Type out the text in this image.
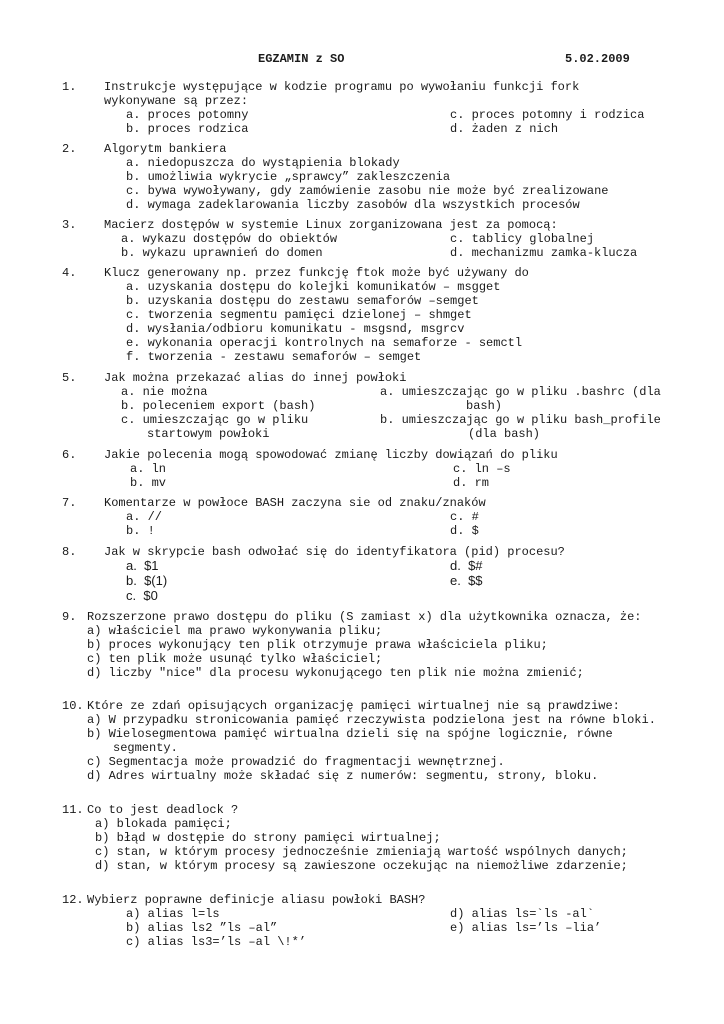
EGZAMIN z SO	5.02.2009
1. Instrukcje występujące w kodzie programu po wywołaniu funkcji fork
wykonywane są przez:
a. proces potomny
b. proces rodzica
c. proces potomny i rodzica
d. żaden z nich
2. Algorytm bankiera
a. niedopuszcza do wystąpienia blokady
b. umożliwia wykrycie „sprawcy” zakleszczenia
c. bywa wywoływany, gdy zamówienie zasobu nie może być zrealizowane
d. wymaga zadeklarowania liczby zasobów dla wszystkich procesów
3. Macierz dostępów w systemie Linux zorganizowana jest za pomocą:
a. wykazu dostępów do obiektów
b. wykazu uprawnień do domen
c. tablicy globalnej
d. mechanizmu zamka-klucza
4. Klucz generowany np. przez funkcję ftok może być używany do
a. uzyskania dostępu do kolejki komunikatów – msgget
b. uzyskania dostępu do zestawu semaforów –semget
c. tworzenia segmentu pamięci dzielonej – shmget
d. wysłania/odbioru komunikatu - msgsnd, msgrcv
e. wykonania operacji kontrolnych na semaforze - semctl
f. tworzenia - zestawu semaforów – semget
5. Jak można przekazać alias do innej powłoki
a. nie można
b. poleceniem export (bash)
c. umieszczając go w pliku
startowym powłoki
a. umieszczając go w pliku .bashrc (dla
bash)
b. umieszczając go w pliku bash_profile
(dla bash)
6. Jakie polecenia mogą spowodować zmianę liczby dowiązań do pliku
a. ln
b. mv
c. ln –s
d. rm
7. Komentarze w powłoce BASH zaczyna sie od znaku/znaków
a. //
b. !
c. #
d. $
8. Jak w skrypcie bash odwołać się do identyfikatora (pid) procesu?
a.  $1
b.  $(1)
c.  $0
d.  $#
e.  $$
9. Rozszerzone prawo dostępu do pliku (S zamiast x) dla użytkownika oznacza, że:
a) właściciel ma prawo wykonywania pliku;
b) proces wykonujący ten plik otrzymuje prawa właściciela pliku;
c) ten plik może usunąć tylko właściciel;
d) liczby "nice" dla procesu wykonującego ten plik nie można zmienić;
10. Które ze zdań opisujących organizację pamięci wirtualnej nie są prawdziwe:
a) W przypadku stronicowania pamięć rzeczywista podzielona jest na równe bloki.
b) Wielosegmentowa pamięć wirtualna dzieli się na spójne logicznie, równe
segmenty.
c) Segmentacja może prowadzić do fragmentacji wewnętrznej.
d) Adres wirtualny może składać się z numerów: segmentu, strony, bloku.
11. Co to jest deadlock ?
a) blokada pamięci;
b) błąd w dostępie do strony pamięci wirtualnej;
c) stan, w którym procesy jednocześnie zmieniają wartość wspólnych danych;
d) stan, w którym procesy są zawieszone oczekując na niemożliwe zdarzenie;
12. Wybierz poprawne definicje aliasu powłoki BASH?
a) alias l=ls
b) alias ls2 ”ls –al”
c) alias ls3=’ls –al \!*’
d) alias ls=`ls -al`
e) alias ls=’ls –lia’
